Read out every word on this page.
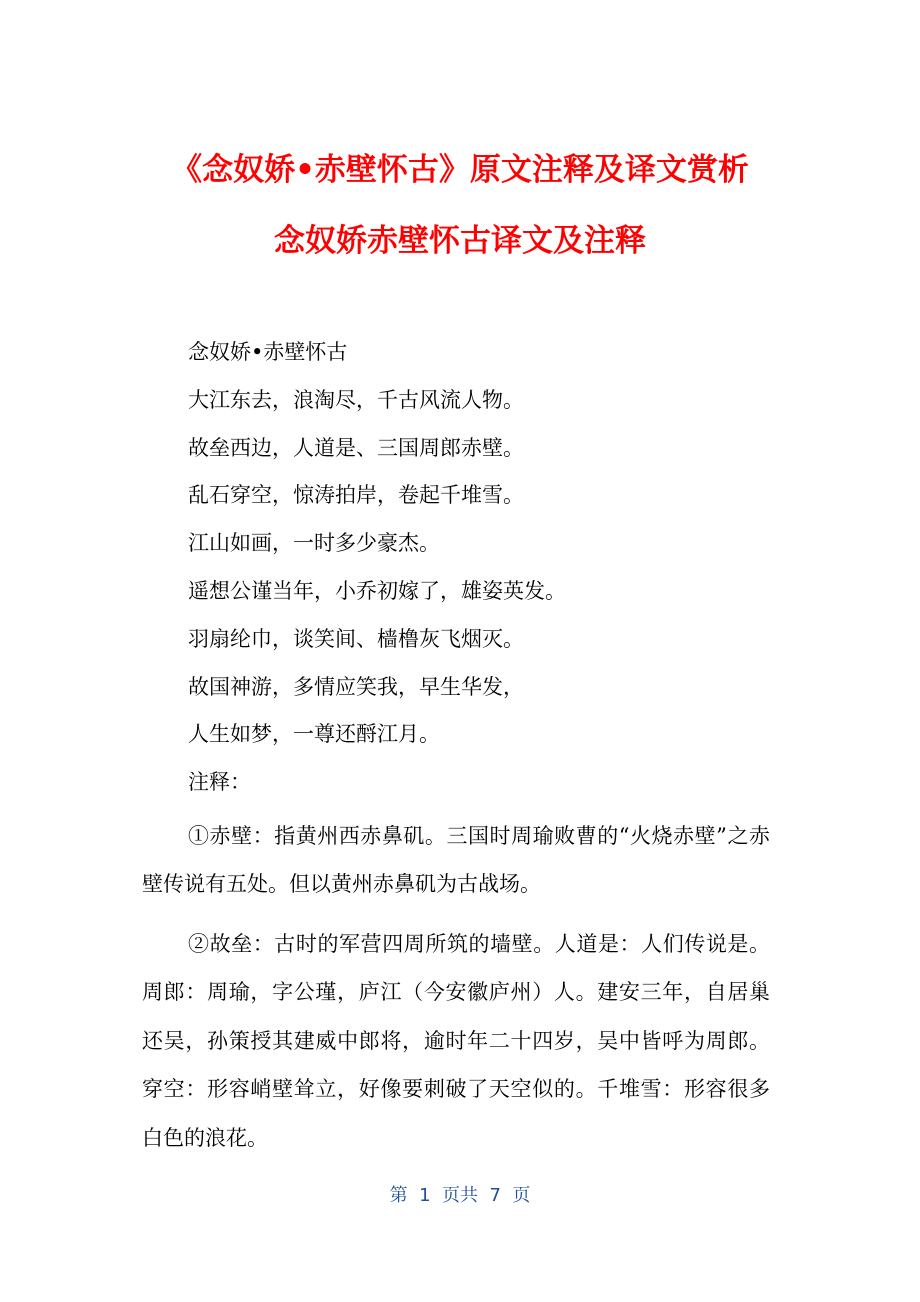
《念奴娇•赤壁怀古》原文注释及译文赏析
念奴娇赤壁怀古译文及注释

念奴娇•赤壁怀古

大江东去，浪淘尽，千古风流人物。

故垒西边，人道是、三国周郎赤壁。

乱石穿空，惊涛拍岸，卷起千堆雪。

江山如画，一时多少豪杰。

遥想公谨当年，小乔初嫁了，雄姿英发。

羽扇纶巾，谈笑间、樯橹灰飞烟灭。

故国神游，多情应笑我，早生华发，

人生如梦，一尊还酹江月。

注释：

①赤壁：指黄州西赤鼻矶。三国时周瑜败曹的“火烧赤壁”之赤壁传说有五处。但以黄州赤鼻矶为古战场。

②故垒：古时的军营四周所筑的墙壁。人道是：人们传说是。周郎：周瑜，字公瑾，庐江（今安徽庐州）人。建安三年，自居巢还吴，孙策授其建威中郎将，逾时年二十四岁，吴中皆呼为周郎。穿空：形容峭壁耸立，好像要刺破了天空似的。千堆雪：形容很多白色的浪花。

第  1  页共  7  页
